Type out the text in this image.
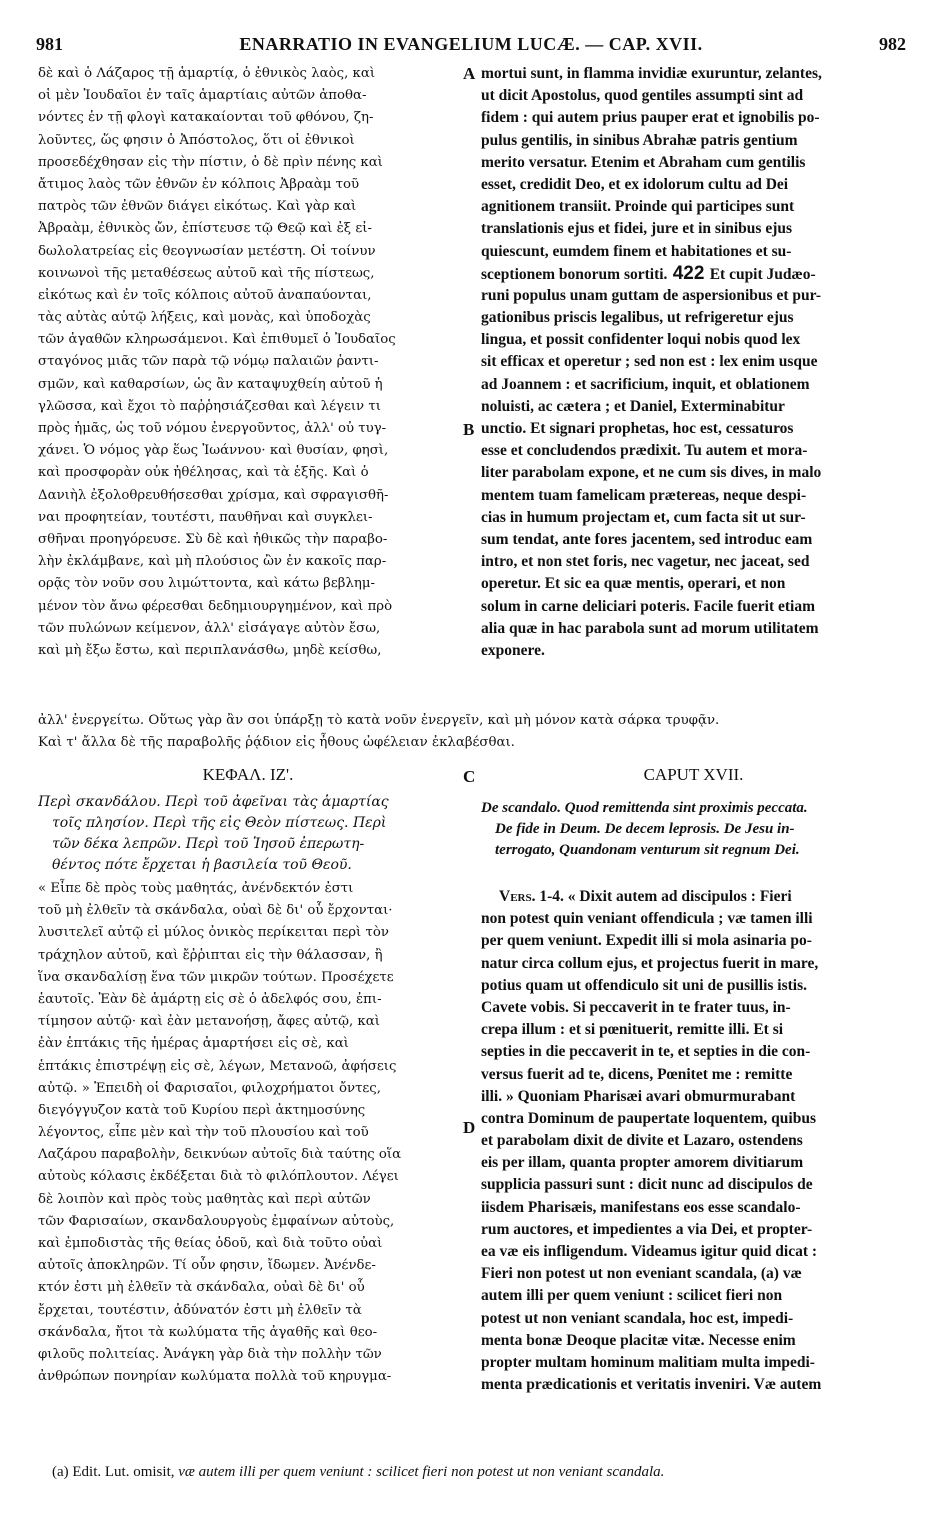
981	ENARRATIO IN EVANGELIUM LUCÆ. — CAP. XVII.	982
δὲ καὶ ὁ Λάζαρος τῇ ἁμαρτίᾳ, ὁ ἐθνικὸς λαὸς, καὶ
οἱ μὲν Ἰουδαῖοι ἐν ταῖς ἁμαρτίαις αὐτῶν ἀποθα-
νόντες ἐν τῇ φλογὶ κατακαίονται τοῦ φθόνου, ζη-
λοῦντες, ὥς φησιν ὁ Ἀπόστολος, ὅτι οἱ ἐθνικοὶ
προσεδέχθησαν εἰς τὴν πίστιν, ὁ δὲ πρὶν πένης καὶ
ἄτιμος λαὸς τῶν ἐθνῶν ἐν κόλποις Ἀβραὰμ τοῦ
πατρὸς τῶν ἐθνῶν διάγει εἰκότως. Καὶ γὰρ καὶ
Ἀβραὰμ, ἐθνικὸς ὤν, ἐπίστευσε τῷ Θεῷ καὶ ἐξ εἰ-
δωλολατρείας εἰς θεογνωσίαν μετέστη. Οἱ τοίνυν
κοινωνοὶ τῆς μεταθέσεως αὐτοῦ καὶ τῆς πίστεως,
εἰκότως καὶ ἐν τοῖς κόλποις αὐτοῦ ἀναπαύονται,
τὰς αὐτὰς αὐτῷ λήξεις, καὶ μονὰς, καὶ ὑποδοχὰς
τῶν ἀγαθῶν κληρωσάμενοι. Καὶ ἐπιθυμεῖ ὁ Ἰουδαῖος
σταγόνος μιᾶς τῶν παρὰ τῷ νόμῳ παλαιῶν ῥαντι-
σμῶν, καὶ καθαρσίων, ὡς ἂν καταψυχθείη αὐτοῦ ἡ
γλῶσσα, καὶ ἔχοι τὸ παῤῥησιάζεσθαι καὶ λέγειν τι
πρὸς ἡμᾶς, ὡς τοῦ νόμου ἐνεργοῦντος, ἀλλ' οὐ τυγ-
χάνει. Ὁ νόμος γὰρ ἕως Ἰωάννου· καὶ θυσίαν, φησὶ,
καὶ προσφορὰν οὐκ ἠθέλησας, καὶ τὰ ἑξῆς. Καὶ ὁ
Δανιὴλ ἐξολοθρευθήσεσθαι χρίσμα, καὶ σφραγισθῆ-
ναι προφητείαν, τουτέστι, παυθῆναι καὶ συγκλει-
σθῆναι προηγόρευσε. Σὺ δὲ καὶ ἠθικῶς τὴν παραβο-
λὴν ἐκλάμβανε, καὶ μὴ πλούσιος ὢν ἐν κακοῖς παρ-
ορᾷς τὸν νοῦν σου λιμώττοντα, καὶ κάτω βεβλημ-
μένον τὸν ἄνω φέρεσθαι δεδημιουργημένον, καὶ πρὸ
τῶν πυλώνων κείμενον, ἀλλ' εἰσάγαγε αὐτὸν ἔσω,
καὶ μὴ ἔξω ἔστω, καὶ περιπλανάσθω, μηδὲ κείσθω,
mortui sunt, in flamma invidiæ exuruntur, zelantes,
ut dicit Apostolus, quod gentiles assumpti sint ad
fidem : qui autem prius pauper erat et ignobilis po-
pulus gentilis, in sinibus Abrahæ patris gentium
merito versatur. Etenim et Abraham cum gentilis
esset, credidit Deo, et ex idolorum cultu ad Dei
agnitionem transiit. Proinde qui participes sunt
translationis ejus et fidei, jure et in sinibus ejus
quiescunt, eumdem finem et habitationes et su-
sceptionem bonorum sortiti. 422 Et cupit Judæo-
runi populus unam guttam de aspersionibus et pur-
gationibus priscis legalibus, ut refrigeretur ejus
lingua, et possit confidenter loqui nobis quod lex
sit efficax et operetur ; sed non est : lex enim usque
ad Joannem : et sacrificium, inquit, et oblationem
noluisti, ac cætera ; et Daniel, Exterminabitur
unctio. Et signari prophetas, hoc est, cessaturos
esse et concludendos prædixit. Tu autem et mora-
liter parabolam expone, et ne cum sis dives, in malo
mentem tuam famelicam prætereas, neque despi-
cias in humum projectam et, cum facta sit ut sur-
sum tendat, ante fores jacentem, sed introduc eam
intro, et non stet foris, nec vagetur, nec jaceat, sed
operetur. Et sic ea quæ mentis, operari, et non
solum in carne deliciari poteris. Facile fuerit etiam
alia quæ in hac parabola sunt ad morum utilitatem
exponere.
A
B
ἀλλ' ἐνεργείτω. Οὕτως γὰρ ἂν σοι ὑπάρξῃ τὸ κατὰ νοῦν ἐνεργεῖν, καὶ μὴ μόνον κατὰ σάρκα τρυφᾷν.
Καὶ τ' ἄλλα δὲ τῆς παραβολῆς ῥᾴδιον εἰς ἦθους ὠφέλειαν ἐκλαβέσθαι.
ΚΕΦΑΛ. ΙΖ'.	C	CAPUT XVII.
Περὶ σκανδάλου. Περὶ τοῦ ἀφεῖναι τὰς ἁμαρτίας
τοῖς πλησίον. Περὶ τῆς εἰς Θεὸν πίστεως. Περὶ
τῶν δέκα λεπρῶν. Περὶ τοῦ Ἰησοῦ ἐπερωτη-
θέντος πότε ἔρχεται ἡ βασιλεία τοῦ Θεοῦ.
De scandalo. Quod remittenda sint proximis peccata.
De fide in Deum. De decem leprosis. De Jesu in-
terrogato, Quandonam venturum sit regnum Dei.
« Εἶπε δὲ πρὸς τοὺς μαθητάς, ἀνένδεκτόν ἐστι
τοῦ μὴ ἐλθεῖν τὰ σκάνδαλα, οὐαὶ δὲ δι' οὗ ἔρχονται·
λυσιτελεῖ αὐτῷ εἰ μύλος ὀνικὸς περίκειται περὶ τὸν
τράχηλον αὐτοῦ, καὶ ἔῤῥιπται εἰς τὴν θάλασσαν, ἢ
ἵνα σκανδαλίσῃ ἕνα τῶν μικρῶν τούτων. Προσέχετε
ἑαυτοῖς. Ἐὰν δὲ ἁμάρτῃ εἰς σὲ ὁ ἀδελφός σου, ἐπι-
τίμησον αὐτῷ· καὶ ἐὰν μετανοήσῃ, ἄφες αὐτῷ, καὶ
ἐὰν ἑπτάκις τῆς ἡμέρας ἁμαρτήσει εἰς σὲ, καὶ
ἑπτάκις ἐπιστρέψῃ εἰς σὲ, λέγων, Μετανοῶ, ἀφήσεις
αὐτῷ. » Ἐπειδὴ οἱ Φαρισαῖοι, φιλοχρήματοι ὄντες,
διεγόγγυζον κατὰ τοῦ Κυρίου περὶ ἀκτημοσύνης
λέγοντος, εἶπε μὲν καὶ τὴν τοῦ πλουσίου καὶ τοῦ
Λαζάρου παραβολὴν, δεικνύων αὐτοῖς διὰ ταύτης οἵα
αὐτοὺς κόλασις ἐκδέξεται διὰ τὸ φιλόπλουτον. Λέγει
δὲ λοιπὸν καὶ πρὸς τοὺς μαθητὰς καὶ περὶ αὐτῶν
τῶν Φαρισαίων, σκανδαλουργοὺς ἐμφαίνων αὐτοὺς,
καὶ ἐμποδιστὰς τῆς θείας ὁδοῦ, καὶ διὰ τοῦτο οὐαὶ
αὐτοῖς ἀποκληρῶν. Τί οὖν φησιν, ἴδωμεν. Ἀνένδε-
κτόν ἐστι μὴ ἐλθεῖν τὰ σκάνδαλα, οὐαὶ δὲ δι' οὗ
ἔρχεται, τουτέστιν, ἀδύνατόν ἐστι μὴ ἐλθεῖν τὰ
σκάνδαλα, ἤτοι τὰ κωλύματα τῆς ἀγαθῆς καὶ θεο-
φιλοῦς πολιτείας. Ἀνάγκη γὰρ διὰ τὴν πολλὴν τῶν
ἀνθρώπων πονηρίαν κωλύματα πολλὰ τοῦ κηρυγμα-
D
Vers. 1-4. « Dixit autem ad discipulos : Fieri
non potest quin veniant offendicula ; væ tamen illi
per quem veniunt. Expedit illi si mola asinaria po-
natur circa collum ejus, et projectus fuerit in mare,
potius quam ut offendiculo sit uni de pusillis istis.
Cavete vobis. Si peccaverit in te frater tuus, in-
crepa illum : et si pœnituerit, remitte illi. Et si
septies in die peccaverit in te, et septies in die con-
versus fuerit ad te, dicens, Pœnitet me : remitte
illi. » Quoniam Pharisæi avari obmurmurabant
contra Dominum de paupertate loquentem, quibus
et parabolam dixit de divite et Lazaro, ostendens
eis per illam, quanta propter amorem divitiarum
supplicia passuri sunt : dicit nunc ad discipulos de
iisdem Pharisæis, manifestans eos esse scandalo-
rum auctores, et impedientes a via Dei, et propter-
ea væ eis infligendum. Videamus igitur quid dicat :
Fieri non potest ut non eveniant scandala, (a) væ
autem illi per quem veniunt : scilicet fieri non
potest ut non veniant scandala, hoc est, impedi-
menta bonæ Deoque placitæ vitæ. Necesse enim
propter multam hominum malitiam multa impedi-
menta prædicationis et veritatis inveniri. Væ autem
(a) Edit. Lut. omisit, væ autem illi per quem veniunt : scilicet fieri non potest ut non veniant scandala.
